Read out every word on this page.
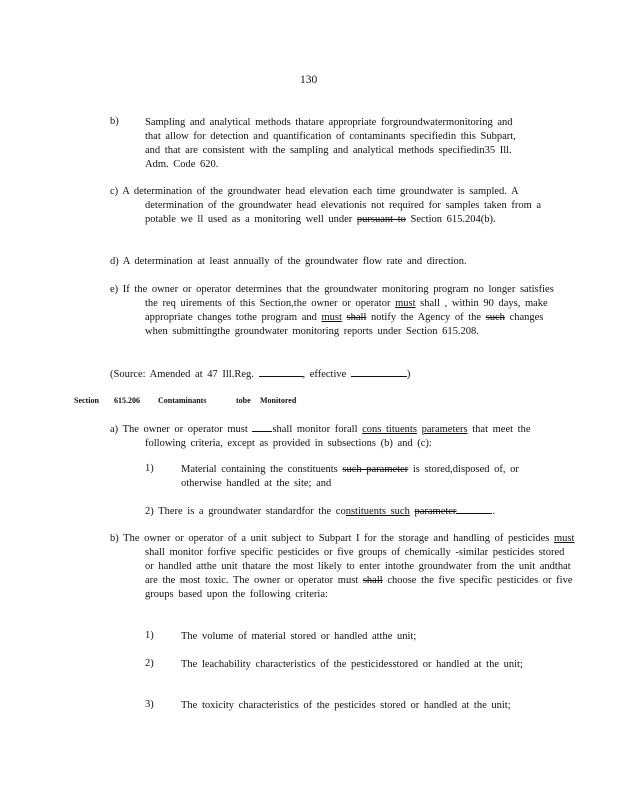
130
b)	Sampling and analytical methods thatare appropriate forgroundwatermonitoring and that allow for detection and quantification of contaminants specifiedin this Subpart, and that are consistent with the sampling and analytical methods specifiedin35 Ill. Adm. Code 620.
c) A determination of the groundwater head elevation each time groundwater is sampled. A determination of the groundwater head elevationis not required for samples taken from a potable we ll used as a monitoring well under pursuant to Section 615.204(b).
d) A determination at least annually of the groundwater flow rate and direction.
e) If the owner or operator determines that the groundwater monitoring program no longer satisfies the req uirements of this Section,the owner or operator must shall , within 90 days, make appropriate changes tothe program and must shall notify the Agency of the such changes when submittingthe groundwater monitoring reports under Section 615.208.
(Source: Amended at 47 Ill.Reg.	, effective	)
Section 615.206 Contaminants	tobe Monitored
a) The owner or operator must shall monitor forall cons tituents parameters that meet the following criteria, except as provided in subsections (b) and (c):
1)	Material containing the constituents such parameter is stored,disposed of, or otherwise handled at the site; and
2) There is a groundwater standardfor the constituents such parameter	.
b) The owner or operator of a unit subject to Subpart I for the storage and handling of pesticides must shall monitor forfive specific pesticides or five groups of chemically -similar pesticides stored or handled atthe unit thatare the most likely to enter intothe groundwater from the unit andthat are the most toxic. The owner or operator must shall choose the five specific pesticides or five groups based upon the following criteria:
1)	The volume of material stored or handled atthe unit;
2)	The leachability characteristics of the pesticidesstored or handled at the unit;
3)	The toxicity characteristics of the pesticides stored or handled at the unit;
